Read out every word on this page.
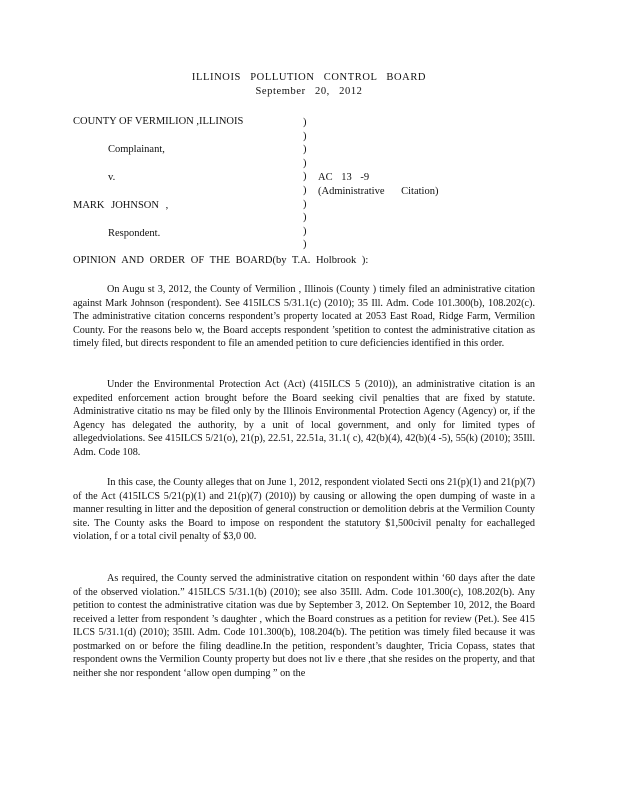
ILLINOIS POLLUTION CONTROL BOARD
September 20, 2012
COUNTY OF VERMILION ,ILLINOIS
Complainant,
v.	AC 13 -9
(Administrative Citation)
MARK JOHNSON ,
Respondent.
)
)
)
)
)
)
)
)
)
)
OPINION AND ORDER OF THE BOARD(by T.A. Holbrook ):
On Augu st 3, 2012, the County of Vermilion , Illinois (County ) timely filed an administrative citation against Mark Johnson (respondent). See 415ILCS 5/31.1(c) (2010); 35 Ill. Adm. Code 101.300(b), 108.202(c). The administrative citation concerns respondent’s property located at 2053 East Road, Ridge Farm, Vermilion County. For the reasons belo w, the Board accepts respondent ’spetition to contest the administrative citation as timely filed, but directs respondent to file an amended petition to cure deficiencies identified in this order.
Under the Environmental Protection Act (Act) (415ILCS 5 (2010)), an administrative citation is an expedited enforcement action brought before the Board seeking civil penalties that are fixed by statute. Administrative citatio ns may be filed only by the Illinois Environmental Protection Agency (Agency) or, if the Agency has delegated the authority, by a unit of local government, and only for limited types of allegedviolations. See 415ILCS 5/21(o), 21(p), 22.51, 22.51a, 31.1( c), 42(b)(4), 42(b)(4 -5), 55(k) (2010); 35Ill. Adm. Code 108.
In this case, the County alleges that on June 1, 2012, respondent violated Secti ons 21(p)(1) and 21(p)(7) of the Act (415ILCS 5/21(p)(1) and 21(p)(7) (2010)) by causing or allowing the open dumping of waste in a manner resulting in litter and the deposition of general construction or demolition debris at the Vermilion County site. The County asks the Board to impose on respondent the statutory $1,500civil penalty for eachalleged violation, f or a total civil penalty of $3,0 00.
As required, the County served the administrative citation on respondent within ‘60 days after the date of the observed violation.” 415ILCS 5/31.1(b) (2010); see also 35Ill. Adm. Code 101.300(c), 108.202(b). Any petition to contest the administrative citation was due by September 3, 2012. On September 10, 2012, the Board received a letter from respondent ’s daughter , which the Board construes as a petition for review (Pet.). See 415 ILCS 5/31.1(d) (2010); 35Ill. Adm. Code 101.300(b), 108.204(b). The petition was timely filed because it was postmarked on or before the filing deadline.In the petition, respondent’s daughter, Tricia Copass, states that respondent owns the Vermilion County property but does not liv e there ,that she resides on the property, and that neither she nor respondent ‘allow open dumping ” on the
